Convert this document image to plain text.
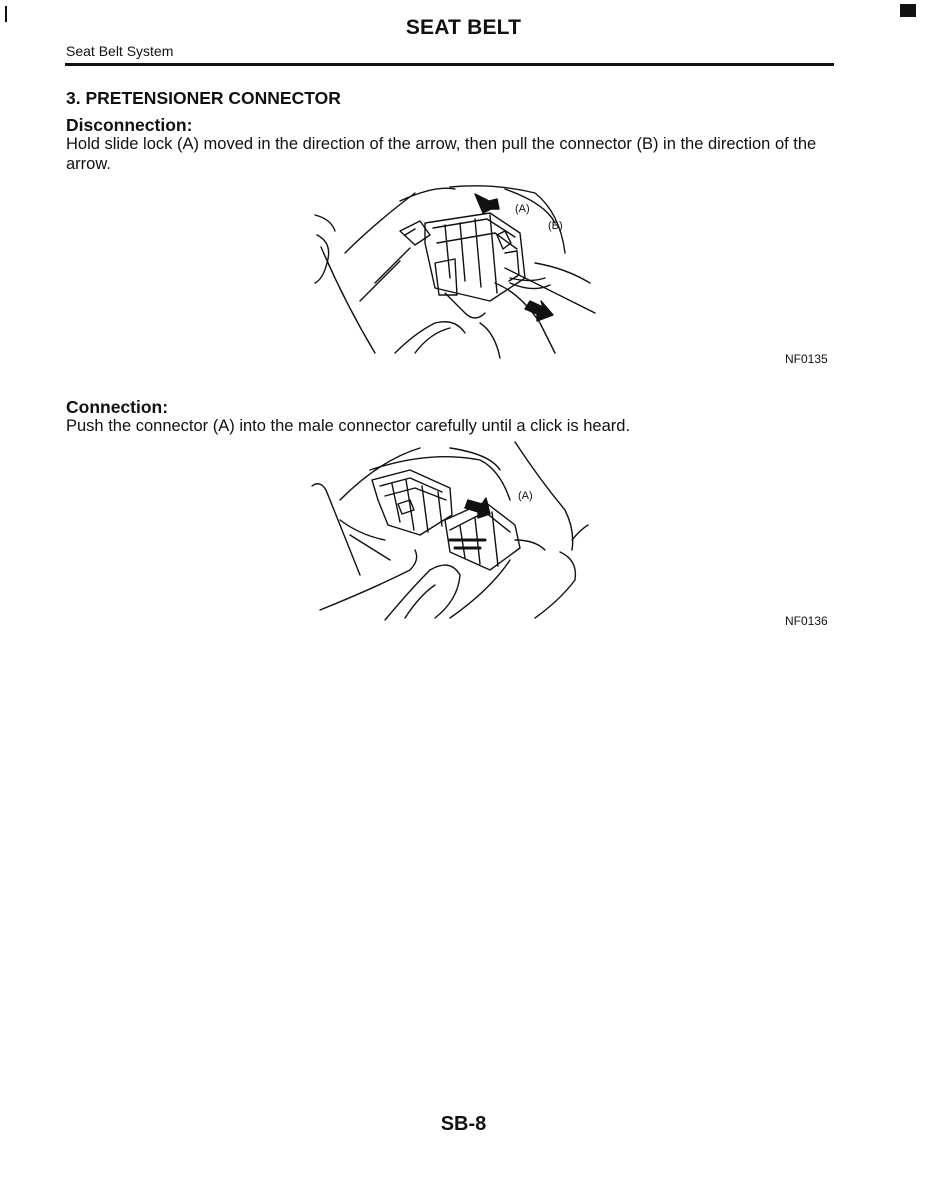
SEAT BELT
Seat Belt System
3. PRETENSIONER CONNECTOR
Disconnection:
Hold slide lock (A) moved in the direction of the arrow, then pull the connector (B) in the direction of the arrow.
(A)
(B)
NF0135
Connection:
Push the connector (A) into the male connector carefully until a click is heard.
(A)
NF0136
SB-8
